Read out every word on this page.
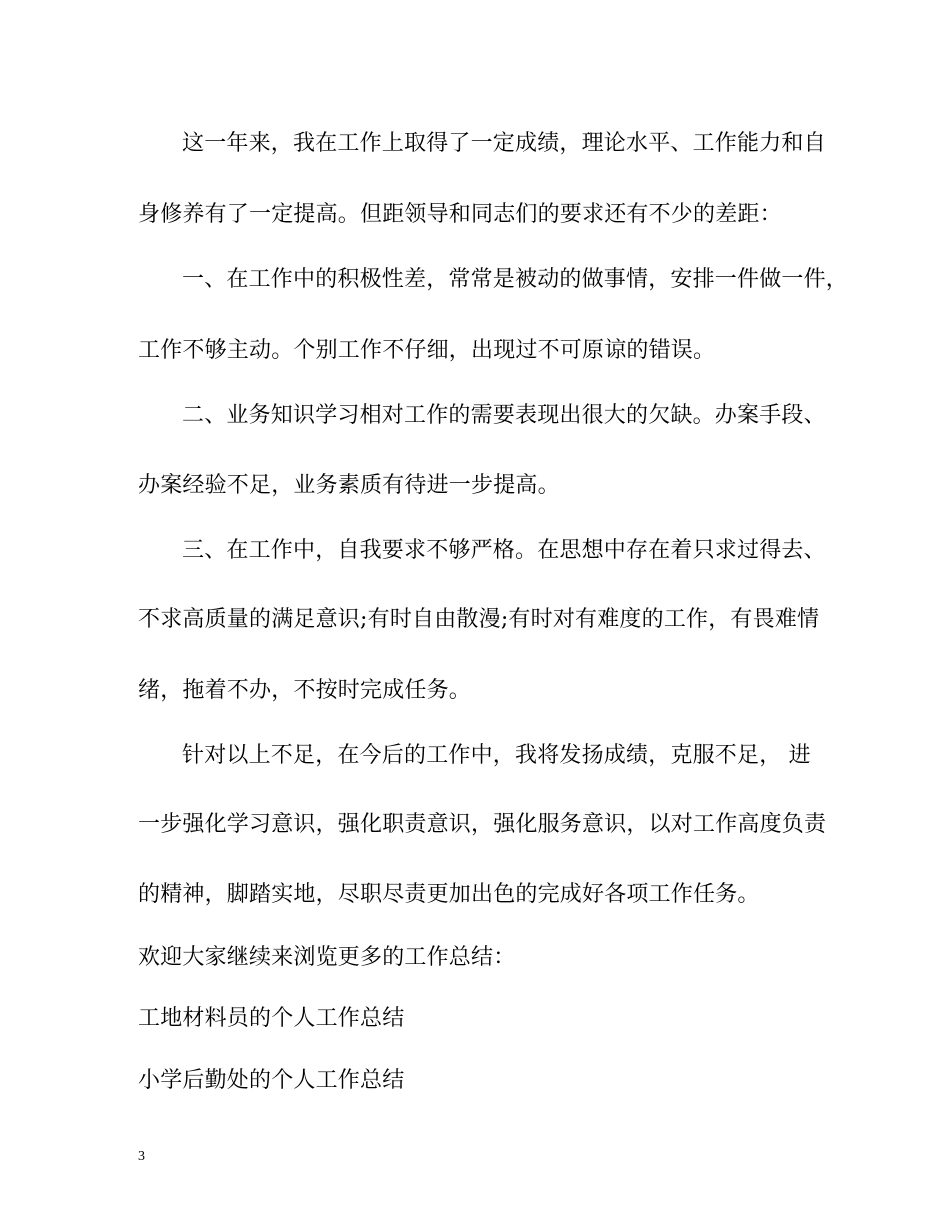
这一年来，我在工作上取得了一定成绩，理论水平、工作能力和自
身修养有了一定提高。但距领导和同志们的要求还有不少的差距：
一、在工作中的积极性差，常常是被动的做事情，安排一件做一件，
工作不够主动。个别工作不仔细，出现过不可原谅的错误。
二、业务知识学习相对工作的需要表现出很大的欠缺。办案手段、
办案经验不足，业务素质有待进一步提高。
三、在工作中，自我要求不够严格。在思想中存在着只求过得去、
不求高质量的满足意识;有时自由散漫;有时对有难度的工作，有畏难情
绪，拖着不办，不按时完成任务。
针对以上不足，在今后的工作中，我将发扬成绩，克服不足， 进
一步强化学习意识，强化职责意识，强化服务意识，以对工作高度负责
的精神，脚踏实地，尽职尽责更加出色的完成好各项工作任务。
欢迎大家继续来浏览更多的工作总结：
工地材料员的个人工作总结
小学后勤处的个人工作总结
3
